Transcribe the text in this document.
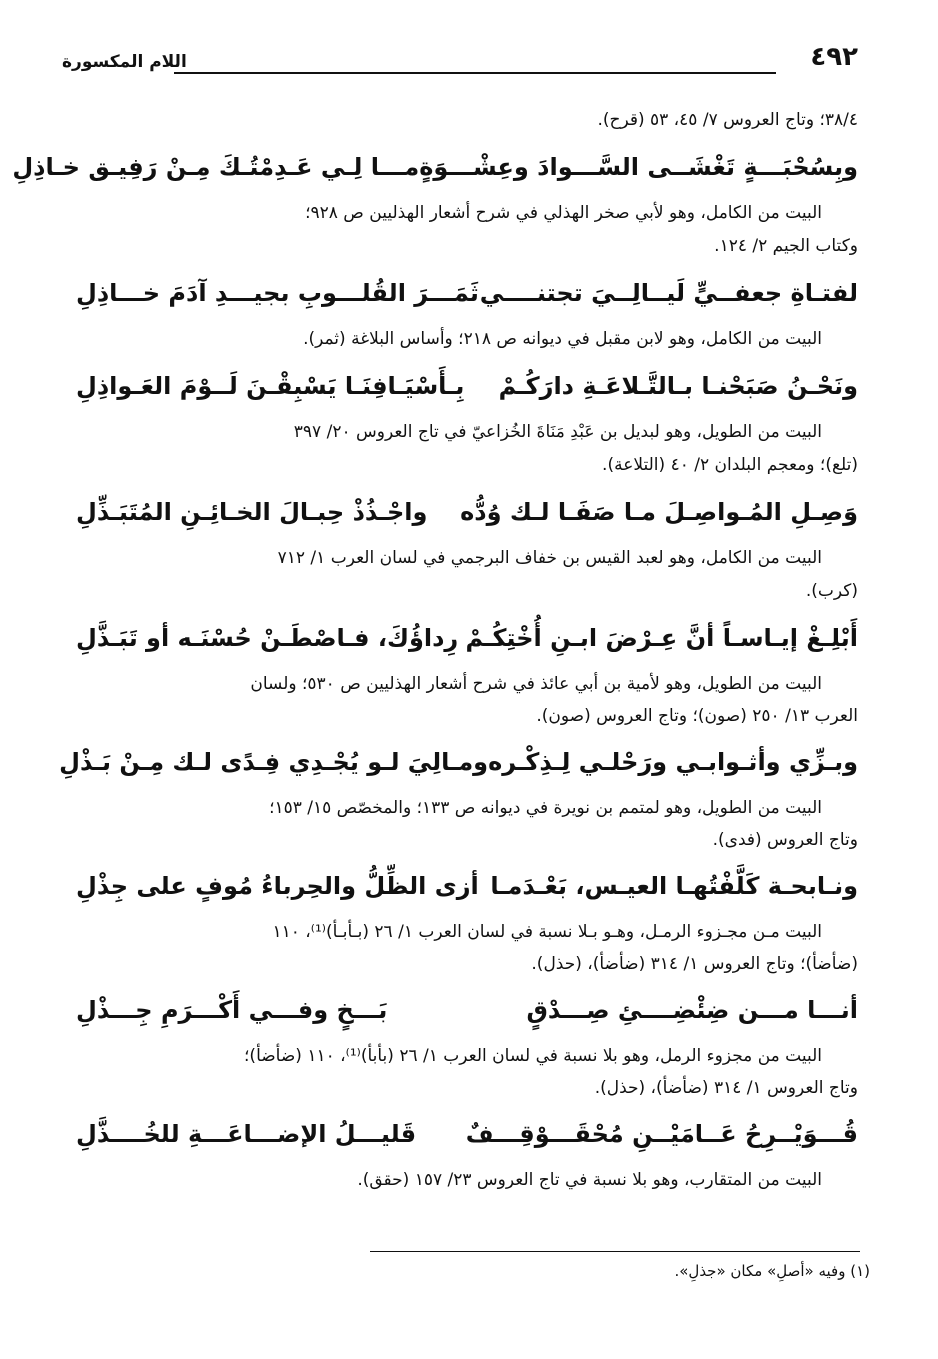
٤٩٢
اللام المكسورة

٣٨/٤؛ وتاج العروس ٧/ ٤٥، ٥٣ (قرح).

وبِسُحْبَـــةٍ تَغْشَــى السَّـــوادَ وعِشْـــوَةٍ
مـــا لِـي عَـدِمْتُـكَ مِـنْ رَفِيـق خـاذِلِ

البيت من الكامل، وهو لأبي صخر الهذلي في شرح أشعار الهذليين ص ٩٢٨؛

وكتاب الجيم ٢/ ١٢٤.

لفتـاةِ جعفــيٍّ لَيــالِــيَ تجتنــــي
ثَمَـــرَ القُلـــوبِ بجيـــدِ آدَمَ خـــاذِلِ

البيت من الكامل، وهو لابن مقبل في ديوانه ص ٢١٨؛ وأساس البلاغة (ثمر).

ونَحْـنُ صَبَحْنـا بـالتَّـلاعَـةِ دارَكُـمْ
بِـأَسْيَـافِنَـا يَسْبِقْـنَ لَــوْمَ العَـواذِلِ

البيت من الطويل، وهو لبديل بن عَبْدِ مَنَاةَ الخُزاعيّ في تاج العروس ٢٠/ ٣٩٧

(تلع)؛ ومعجم البلدان ٢/ ٤٠ (التلاعة).

وَصِـلِ المُـواصِـلَ مـا صَفَـا لـك وُدُّه
واجْـذُذْ حِبـالَ الخـائِـنِ المُتَبَـذِّلِ

البيت من الكامل، وهو لعبد القيس بن خفاف البرجمي في لسان العرب ١/ ٧١٢

(كرب).

أَبْلِـغْ إيـاسـاً أنَّ عِـرْضَ ابـنِ أُخْتِكُـمْ
رِداؤُكَ، فـاصْطَـنْ حُسْنَـه أو تَبَـذَّلِ

البيت من الطويل، وهو لأمية بن أبي عائذ في شرح أشعار الهذليين ص ٥٣٠؛ ولسان

العرب ١٣/ ٢٥٠ (صون)؛ وتاج العروس (صون).

وبـزِّي وأثـوابـي ورَحْلـي لِـذِكْـره
ومـالِيَ لـو يُجْـدِي فِـدًى لـك مِـنْ بَـذْلِ

البيت من الطويل، وهو لمتمم بن نويرة في ديوانه ص ١٣٣؛ والمخصّص ١٥/ ١٥٣؛

وتاج العروس (فدى).

ونـابحـة كَلَّفْتُهـا العيـس، بَعْـدَمـا
أزى الظِّلُّ والحِرباءُ مُوفٍ على جِذْلِ

البيت مـن مجـزوء الرمـل، وهـو بـلا نسبة في لسان العرب ١/ ٢٦ (بـأبـأ)⁽¹⁾، ١١٠

(ضأضأ)؛ وتاج العروس ١/ ٣١٤ (ضأضأ)، (حذل).

أنـــا مـــن ضِئْضِــــئِ صِـــدْقٍ
بَـــخٍ وفـــي أَكْـــرَمِ جِـــذْلِ

البيت من مجزوء الرمل، وهو بلا نسبة في لسان العرب ١/ ٢٦ (بأبأ)⁽¹⁾، ١١٠ (ضأضأ)؛

وتاج العروس ١/ ٣١٤ (ضأضأ)، (حذل).

قُـــوَيْــرِحُ عَــامَيْــنِ مُحْقَـــوْقِـــفٌ
قَليـــلُ الإضـــاعَـــةِ للخُــــذَّلِ

البيت من المتقارب، وهو بلا نسبة في تاج العروس ٢٣/ ١٥٧ (حقق).

(١) وفيه «أصلِ» مكان «جذلِ».
